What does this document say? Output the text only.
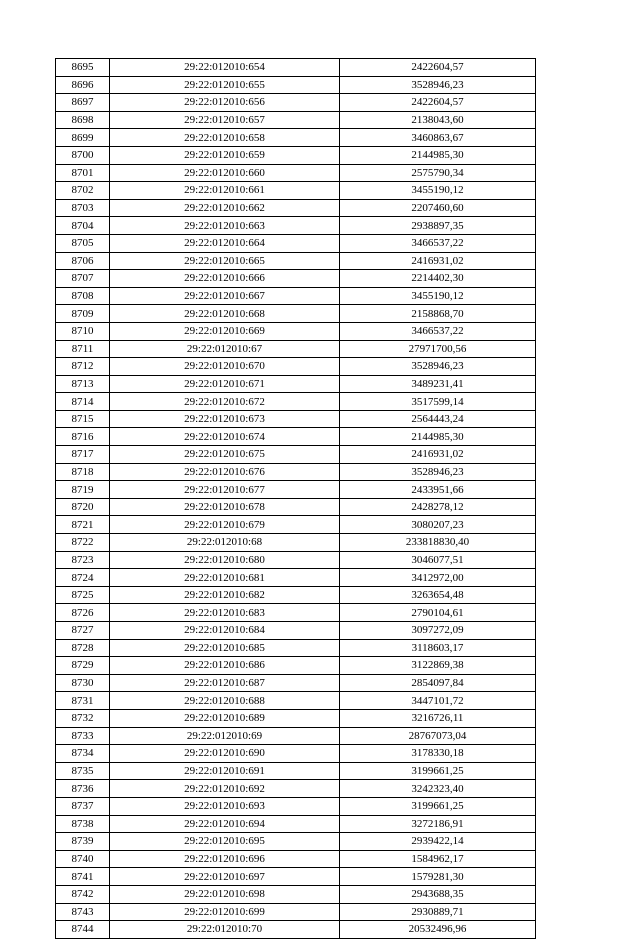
8695	29:22:012010:654	2422604,57
8696	29:22:012010:655	3528946,23
8697	29:22:012010:656	2422604,57
8698	29:22:012010:657	2138043,60
8699	29:22:012010:658	3460863,67
8700	29:22:012010:659	2144985,30
8701	29:22:012010:660	2575790,34
8702	29:22:012010:661	3455190,12
8703	29:22:012010:662	2207460,60
8704	29:22:012010:663	2938897,35
8705	29:22:012010:664	3466537,22
8706	29:22:012010:665	2416931,02
8707	29:22:012010:666	2214402,30
8708	29:22:012010:667	3455190,12
8709	29:22:012010:668	2158868,70
8710	29:22:012010:669	3466537,22
8711	29:22:012010:67	27971700,56
8712	29:22:012010:670	3528946,23
8713	29:22:012010:671	3489231,41
8714	29:22:012010:672	3517599,14
8715	29:22:012010:673	2564443,24
8716	29:22:012010:674	2144985,30
8717	29:22:012010:675	2416931,02
8718	29:22:012010:676	3528946,23
8719	29:22:012010:677	2433951,66
8720	29:22:012010:678	2428278,12
8721	29:22:012010:679	3080207,23
8722	29:22:012010:68	233818830,40
8723	29:22:012010:680	3046077,51
8724	29:22:012010:681	3412972,00
8725	29:22:012010:682	3263654,48
8726	29:22:012010:683	2790104,61
8727	29:22:012010:684	3097272,09
8728	29:22:012010:685	3118603,17
8729	29:22:012010:686	3122869,38
8730	29:22:012010:687	2854097,84
8731	29:22:012010:688	3447101,72
8732	29:22:012010:689	3216726,11
8733	29:22:012010:69	28767073,04
8734	29:22:012010:690	3178330,18
8735	29:22:012010:691	3199661,25
8736	29:22:012010:692	3242323,40
8737	29:22:012010:693	3199661,25
8738	29:22:012010:694	3272186,91
8739	29:22:012010:695	2939422,14
8740	29:22:012010:696	1584962,17
8741	29:22:012010:697	1579281,30
8742	29:22:012010:698	2943688,35
8743	29:22:012010:699	2930889,71
8744	29:22:012010:70	20532496,96
